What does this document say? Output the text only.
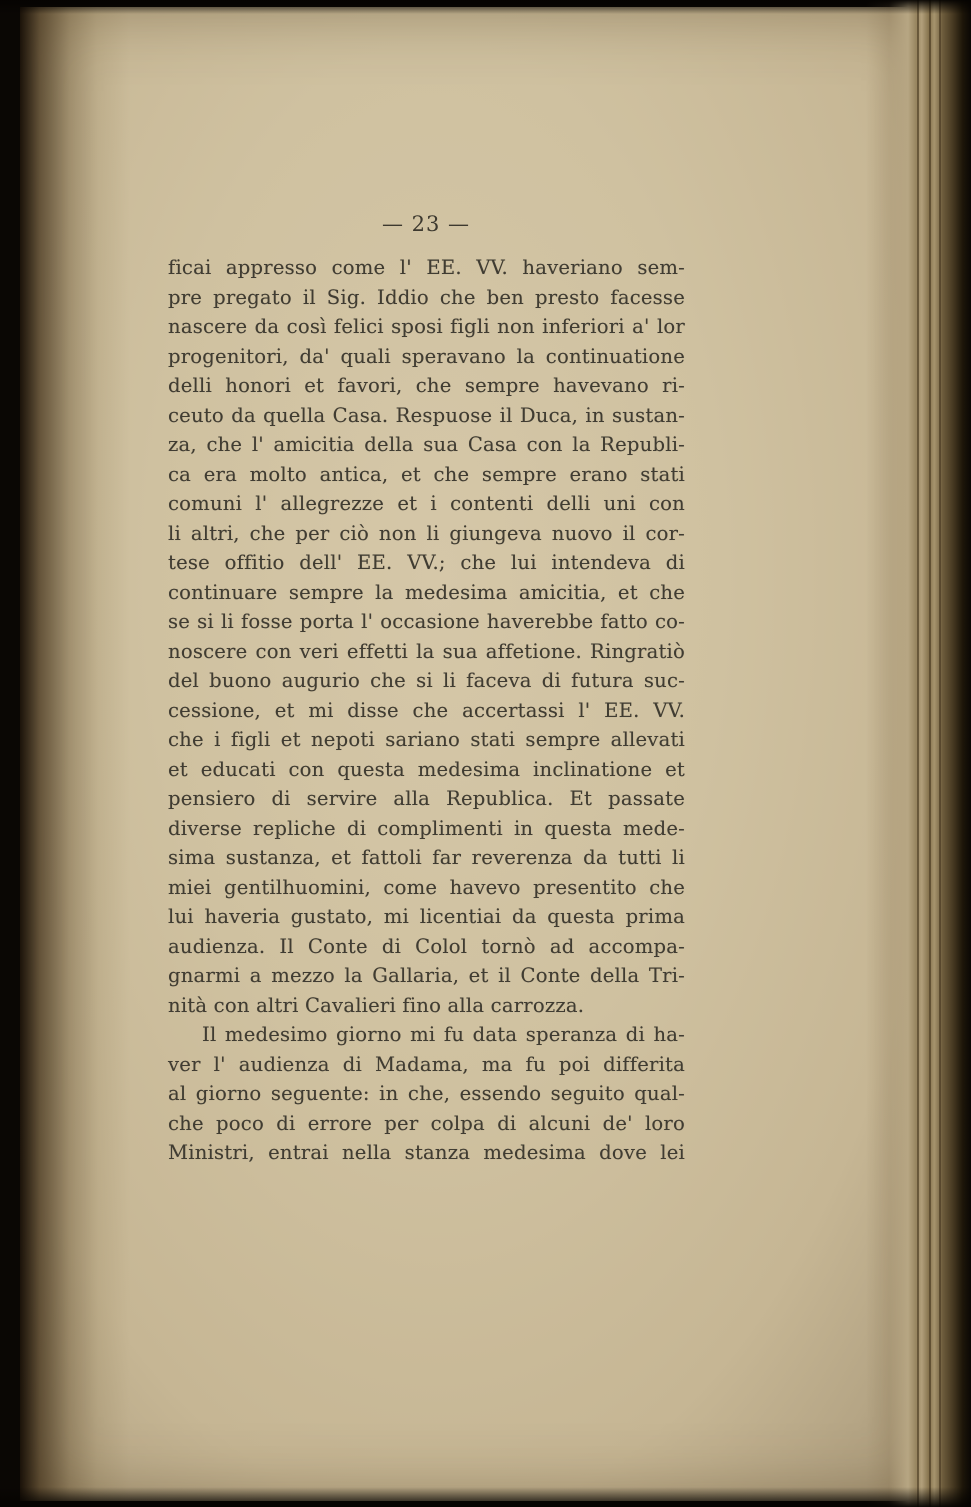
— 23 —
ficai appresso come l' EE. VV. haveriano sem-
pre pregato il Sig. Iddio che ben presto facesse
nascere da così felici sposi figli non inferiori a' lor
progenitori, da' quali speravano la continuatione
delli honori et favori, che sempre havevano ri-
ceuto da quella Casa. Respuose il Duca, in sustan-
za, che l' amicitia della sua Casa con la Republi-
ca era molto antica, et che sempre erano stati
comuni l' allegrezze et i contenti delli uni con
li altri, che per ciò non li giungeva nuovo il cor-
tese offitio dell' EE. VV.; che lui intendeva di
continuare sempre la medesima amicitia, et che
se si li fosse porta l' occasione haverebbe fatto co-
noscere con veri effetti la sua affetione. Ringratiò
del buono augurio che si li faceva di futura suc-
cessione, et mi disse che accertassi l' EE. VV.
che i figli et nepoti sariano stati sempre allevati
et educati con questa medesima inclinatione et
pensiero di servire alla Republica. Et passate
diverse repliche di complimenti in questa mede-
sima sustanza, et fattoli far reverenza da tutti li
miei gentilhuomini, come havevo presentito che
lui haveria gustato, mi licentiai da questa prima
audienza. Il Conte di Colol tornò ad accompa-
gnarmi a mezzo la Gallaria, et il Conte della Tri-
nità con altri Cavalieri fino alla carrozza.
Il medesimo giorno mi fu data speranza di ha-
ver l' audienza di Madama, ma fu poi differita
al giorno seguente: in che, essendo seguito qual-
che poco di errore per colpa di alcuni de' loro
Ministri, entrai nella stanza medesima dove lei
